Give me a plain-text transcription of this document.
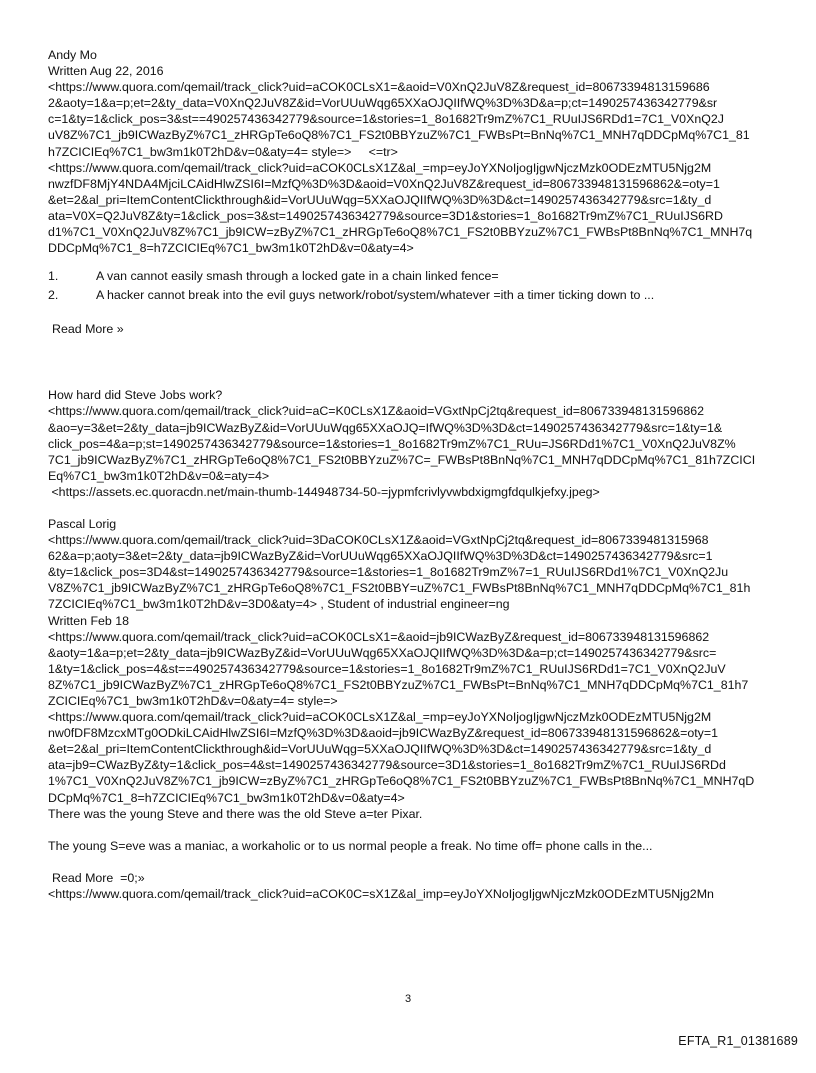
Andy Mo
Written Aug 22, 2016
<https://www.quora.com/qemail/track_click?uid=aCOK0CLsX1=&aoid=V0XnQ2JuV8Z&request_id=80673394813159686
2&aoty=1&a=p;et=2&ty_data=V0XnQ2JuV8Z&id=VorUUuWqg65XXaOJQIIfWQ%3D%3D&a=p;ct=1490257436342779&sr
c=1&ty=1&click_pos=3&st==490257436342779&source=1&stories=1_8o1682Tr9mZ%7C1_RUuIJS6RDd1=7C1_V0XnQ2J
uV8Z%7C1_jb9ICWazByZ%7C1_zHRGpTe6oQ8%7C1_FS2t0BBYzuZ%7C1_FWBsPt=BnNq%7C1_MNH7qDDCpMq%7C1_81
h7ZCICIEq%7C1_bw3m1k0T2hD&v=0&aty=4= style=>     <=tr>
<https://www.quora.com/qemail/track_click?uid=aCOK0CLsX1Z&al_=mp=eyJoYXNoIjogIjgwNjczMzk0ODEzMTU5Njg2M
nwzfDF8MjY4NDA4MjciLCAidHlwZSI6I=MzfQ%3D%3D&aoid=V0XnQ2JuV8Z&request_id=806733948131596862&=oty=1
&et=2&al_pri=ItemContentClickthrough&id=VorUUuWqg=5XXaOJQIIfWQ%3D%3D&ct=1490257436342779&src=1&ty_d
ata=V0X=Q2JuV8Z&ty=1&click_pos=3&st=1490257436342779&source=3D1&stories=1_8o1682Tr9mZ%7C1_RUuIJS6RD
d1%7C1_V0XnQ2JuV8Z%7C1_jb9ICW=zByZ%7C1_zHRGpTe6oQ8%7C1_FS2t0BBYzuZ%7C1_FWBsPt8BnNq%7C1_MNH7q
DDCpMq%7C1_8=h7ZCICIEq%7C1_bw3m1k0T2hD&v=0&aty=4>
1.	A van cannot easily smash through a locked gate in a chain linked fence=
2.	A hacker cannot break into the evil guys network/robot/system/whatever =ith a timer ticking down to ...
Read More »
How hard did Steve Jobs work?
<https://www.quora.com/qemail/track_click?uid=aC=K0CLsX1Z&aoid=VGxtNpCj2tq&request_id=806733948131596862
&ao=y=3&et=2&ty_data=jb9ICWazByZ&id=VorUUuWqg65XXaOJQ=IfWQ%3D%3D&ct=1490257436342779&src=1&ty=1&
click_pos=4&a=p;st=1490257436342779&source=1&stories=1_8o1682Tr9mZ%7C1_RUu=JS6RDd1%7C1_V0XnQ2JuV8Z%
7C1_jb9ICWazByZ%7C1_zHRGpTe6oQ8%7C1_FS2t0BBYzuZ%7C=_FWBsPt8BnNq%7C1_MNH7qDDCpMq%7C1_81h7ZCICI
Eq%7C1_bw3m1k0T2hD&v=0&=aty=4>
<https://assets.ec.quoracdn.net/main-thumb-144948734-50-=jypmfcrivlyvwbdxigmgfdqulkjefxy.jpeg>
Pascal Lorig
<https://www.quora.com/qemail/track_click?uid=3DaCOK0CLsX1Z&aoid=VGxtNpCj2tq&request_id=8067339481315968
62&a=p;aoty=3&et=2&ty_data=jb9ICWazByZ&id=VorUUuWqg65XXaOJQIIfWQ%3D%3D&ct=1490257436342779&src=1
&ty=1&click_pos=3D4&st=1490257436342779&source=1&stories=1_8o1682Tr9mZ%7=1_RUuIJS6RDd1%7C1_V0XnQ2Ju
V8Z%7C1_jb9ICWazByZ%7C1_zHRGpTe6oQ8%7C1_FS2t0BBY=uZ%7C1_FWBsPt8BnNq%7C1_MNH7qDDCpMq%7C1_81h
7ZCICIEq%7C1_bw3m1k0T2hD&v=3D0&aty=4> , Student of industrial engineer=ng
Written Feb 18
<https://www.quora.com/qemail/track_click?uid=aCOK0CLsX1=&aoid=jb9ICWazByZ&request_id=806733948131596862
&aoty=1&a=p;et=2&ty_data=jb9ICWazByZ&id=VorUUuWqg65XXaOJQIIfWQ%3D%3D&a=p;ct=1490257436342779&src=
1&ty=1&click_pos=4&st==490257436342779&source=1&stories=1_8o1682Tr9mZ%7C1_RUuIJS6RDd1=7C1_V0XnQ2JuV
8Z%7C1_jb9ICWazByZ%7C1_zHRGpTe6oQ8%7C1_FS2t0BBYzuZ%7C1_FWBsPt=BnNq%7C1_MNH7qDDCpMq%7C1_81h7
ZCICIEq%7C1_bw3m1k0T2hD&v=0&aty=4= style=>
<https://www.quora.com/qemail/track_click?uid=aCOK0CLsX1Z&al_=mp=eyJoYXNoIjogIjgwNjczMzk0ODEzMTU5Njg2M
nw0fDF8MzcxMTg0ODkiLCAidHlwZSI6I=MzfQ%3D%3D&aoid=jb9ICWazByZ&request_id=806733948131596862&=oty=1
&et=2&al_pri=ItemContentClickthrough&id=VorUUuWqg=5XXaOJQIIfWQ%3D%3D&ct=1490257436342779&src=1&ty_d
ata=jb9=CWazByZ&ty=1&click_pos=4&st=1490257436342779&source=3D1&stories=1_8o1682Tr9mZ%7C1_RUuIJS6RDd
1%7C1_V0XnQ2JuV8Z%7C1_jb9ICW=zByZ%7C1_zHRGpTe6oQ8%7C1_FS2t0BBYzuZ%7C1_FWBsPt8BnNq%7C1_MNH7qD
DCpMq%7C1_8=h7ZCICIEq%7C1_bw3m1k0T2hD&v=0&aty=4>
There was the young Steve and there was the old Steve a=ter Pixar.
The young S=eve was a maniac, a workaholic or to us normal people a freak. No time off= phone calls in the...
Read More  =0;»
<https://www.quora.com/qemail/track_click?uid=aCOK0C=sX1Z&al_imp=eyJoYXNoIjogIjgwNjczMzk0ODEzMTU5Njg2Mn
3
EFTA_R1_01381689
